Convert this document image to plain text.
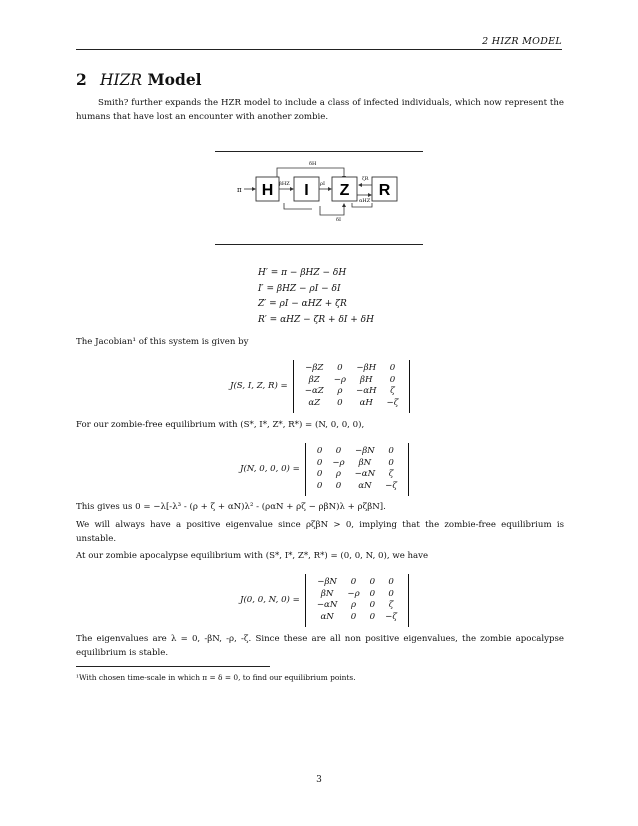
2 HIZR MODEL
2 HIZR Model

Smith? further expands the HZR model to include a class of infected individuals, which now represent the humans that have lost an encounter with another zombie.

π H I Z R
βHZ	ρI
δH
ζR
αHZ
δI
H′ = π − βHZ − δH
I′ = βHZ − ρI − δI
Z′ = ρI − αHZ + ζR
R′ = αHZ − ζR + δI + δH

The Jacobian¹ of this system is given by

J(S, I, Z, R) =
−βZ	0	−βH	0
βZ	−ρ	βH	0
−αZ	ρ	−αH	ζ
αZ	0	αH	−ζ

For our zombie-free equilibrium with (S*, I*, Z*, R*) = (N, 0, 0, 0),

J(N, 0, 0, 0) =
0	0	−βN	0
0	−ρ	βN	0
0	ρ	−αN	ζ
0	0	αN	−ζ

This gives us 0 = −λ[-λ³ - (ρ + ζ + αN)λ² - (ραN + ρζ − ρβN)λ + ρζβN].

We will always have a positive eigenvalue since ρζβN > 0, implying that the zombie-free equilibrium is unstable.

At our zombie apocalypse equilibrium with (S*, I*, Z*, R*) = (0, 0, N, 0), we have

J(0, 0, N, 0) =
−βN	0	0	0
βN	−ρ	0	0
−αN	ρ	0	ζ
αN	0	0	−ζ

The eigenvalues are λ = 0, -βN, -ρ, -ζ. Since these are all non positive eigenvalues, the zombie apocalypse equilibrium is stable.

¹With chosen time-scale in which π = δ = 0, to find our equilibrium points.
3
